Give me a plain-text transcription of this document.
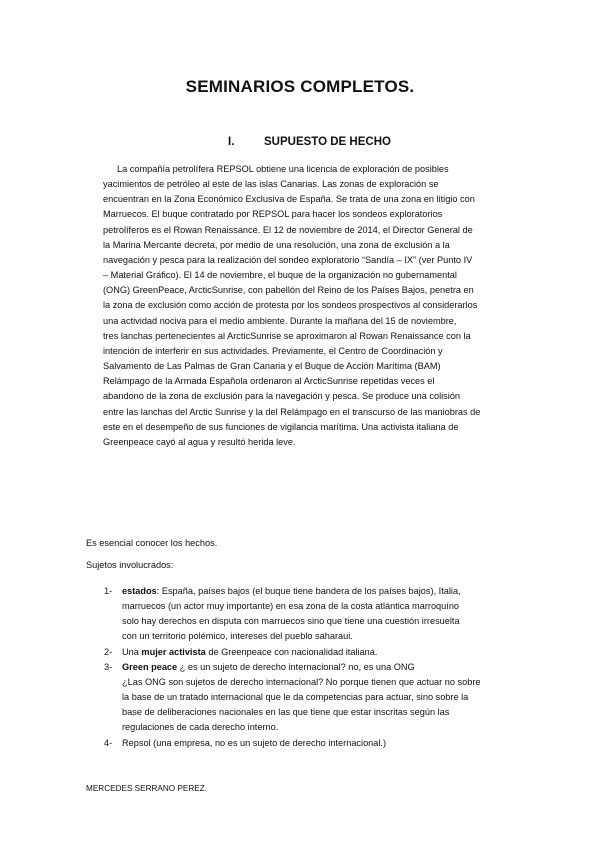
SEMINARIOS COMPLETOS.
I.	SUPUESTO DE HECHO

La compañía petrolífera REPSOL obtiene una licencia de exploración de posibles
yacimientos de petróleo al este de las islas Canarias. Las zonas de exploración se
encuentran en la Zona Económico Exclusiva de España. Se trata de una zona en litigio con
Marruecos. El buque contratado por REPSOL para hacer los sondeos exploratorios
petrolíferos es el Rowan Renaissance. El 12 de noviembre de 2014, el Director General de
la Marina Mercante decreta, por medio de una resolución, una zona de exclusión a la
navegación y pesca para la realización del sondeo exploratorio “Sandía – IX” (ver Punto IV
– Material Gráfico). El 14 de noviembre, el buque de la organización no gubernamental
(ONG) GreenPeace, ArcticSunrise, con pabellón del Reino de los Países Bajos, penetra en
la zona de exclusión como acción de protesta por los sondeos prospectivos al considerarlos
una actividad nociva para el medio ambiente. Durante la mañana del 15 de noviembre,
tres lanchas pertenecientes al ArcticSunrise se aproximaron al Rowan Renaissance con la
intención de interferir en sus actividades. Previamente, el Centro de Coordinación y
Salvamento de Las Palmas de Gran Canaria y el Buque de Acción Marítima (BAM)
Relámpago de la Armada Española ordenaron al ArcticSunrise repetidas veces el
abandono de la zona de exclusión para la navegación y pesca. Se produce una colisión
entre las lanchas del Arctic Sunrise y la del Relámpago en el transcurso de las maniobras de
este en el desempeño de sus funciones de vigilancia marítima. Una activista italiana de
Greenpeace cayó al agua y resultó herida leve.

Es esencial conocer los hechos.

Sujetos involucrados:

1- estados: España, países bajos (el buque tiene bandera de los países bajos), Italia,
marruecos (un actor muy importante) en esa zona de la costa atlántica marroquíno
solo hay derechos en disputa con marruecos sino que tiene una cuestión irresuelta
con un territorio polémico, intereses del pueblo saharaui.
2- Una mujer activista de Greenpeace con nacionalidad italiana.
3- Green peace ¿ es un sujeto de derecho internacional? no, es una ONG
¿Las ONG son sujetos de derecho internacional? No porque tienen que actuar no sobre
la base de un tratado internacional que le da competencias para actuar, sino sobre la
base de deliberaciones nacionales en las que tiene que estar inscritas según las
regulaciones de cada derecho interno.
4- Repsol (una empresa, no es un sujeto de derecho internacional.)
MERCEDES SERRANO PEREZ.
